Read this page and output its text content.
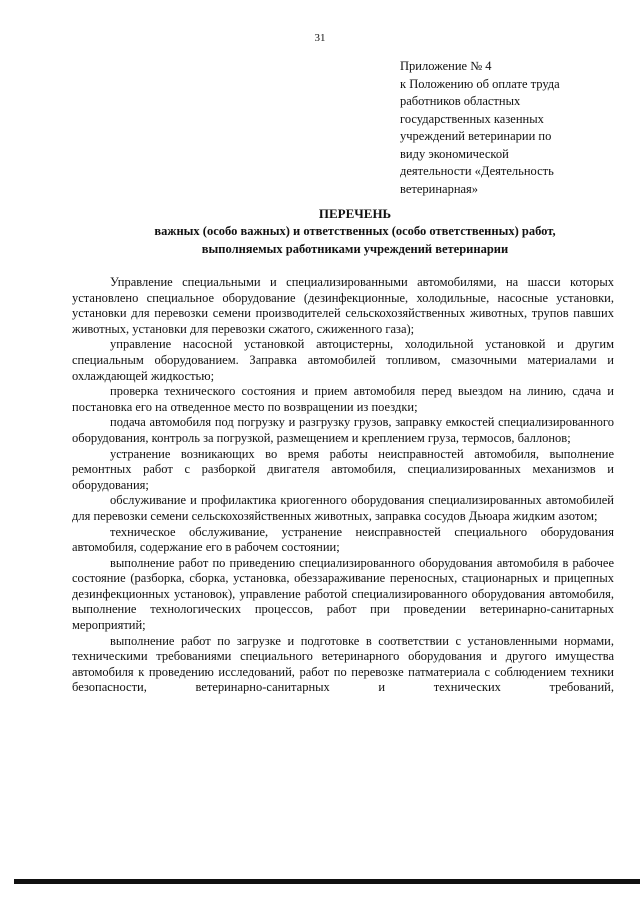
31
Приложение № 4
к Положению об оплате труда
работников областных
государственных казенных
учреждений ветеринарии по
виду экономической
деятельности «Деятельность
ветеринарная»
ПЕРЕЧЕНЬ
важных (особо важных) и ответственных (особо ответственных) работ,
выполняемых работниками учреждений ветеринарии

Управление специальными и специализированными автомобилями, на шасси которых установлено специальное оборудование (дезинфекционные, холодильные, насосные установки, установки для перевозки семени производителей сельскохозяйственных животных, трупов павших животных, установки для перевозки сжатого, сжиженного газа);

управление насосной установкой автоцистерны, холодильной установкой и другим специальным оборудованием. Заправка автомобилей топливом, смазочными материалами и охлаждающей жидкостью;

проверка технического состояния и прием автомобиля перед выездом на линию, сдача и постановка его на отведенное место по возвращении из поездки;

подача автомобиля под погрузку и разгрузку грузов, заправку емкостей специализированного оборудования, контроль за погрузкой, размещением и креплением груза, термосов, баллонов;

устранение возникающих во время работы неисправностей автомобиля, выполнение ремонтных работ с разборкой двигателя автомобиля, специализированных механизмов и оборудования;

обслуживание и профилактика криогенного оборудования специализированных автомобилей для перевозки семени сельскохозяйственных животных, заправка сосудов Дьюара жидким азотом;

техническое обслуживание, устранение неисправностей специального оборудования автомобиля, содержание его в рабочем состоянии;

выполнение работ по приведению специализированного оборудования автомобиля в рабочее состояние (разборка, сборка, установка, обеззараживание переносных, стационарных и прицепных дезинфекционных установок), управление работой специализированного оборудования автомобиля, выполнение технологических процессов, работ при проведении ветеринарно-санитарных мероприятий;

выполнение работ по загрузке и подготовке в соответствии с установленными нормами, техническими требованиями специального ветеринарного оборудования и другого имущества автомобиля к проведению исследований, работ по перевозке патматериала с соблюдением техники безопасности, ветеринарно-санитарных и технических требований,
